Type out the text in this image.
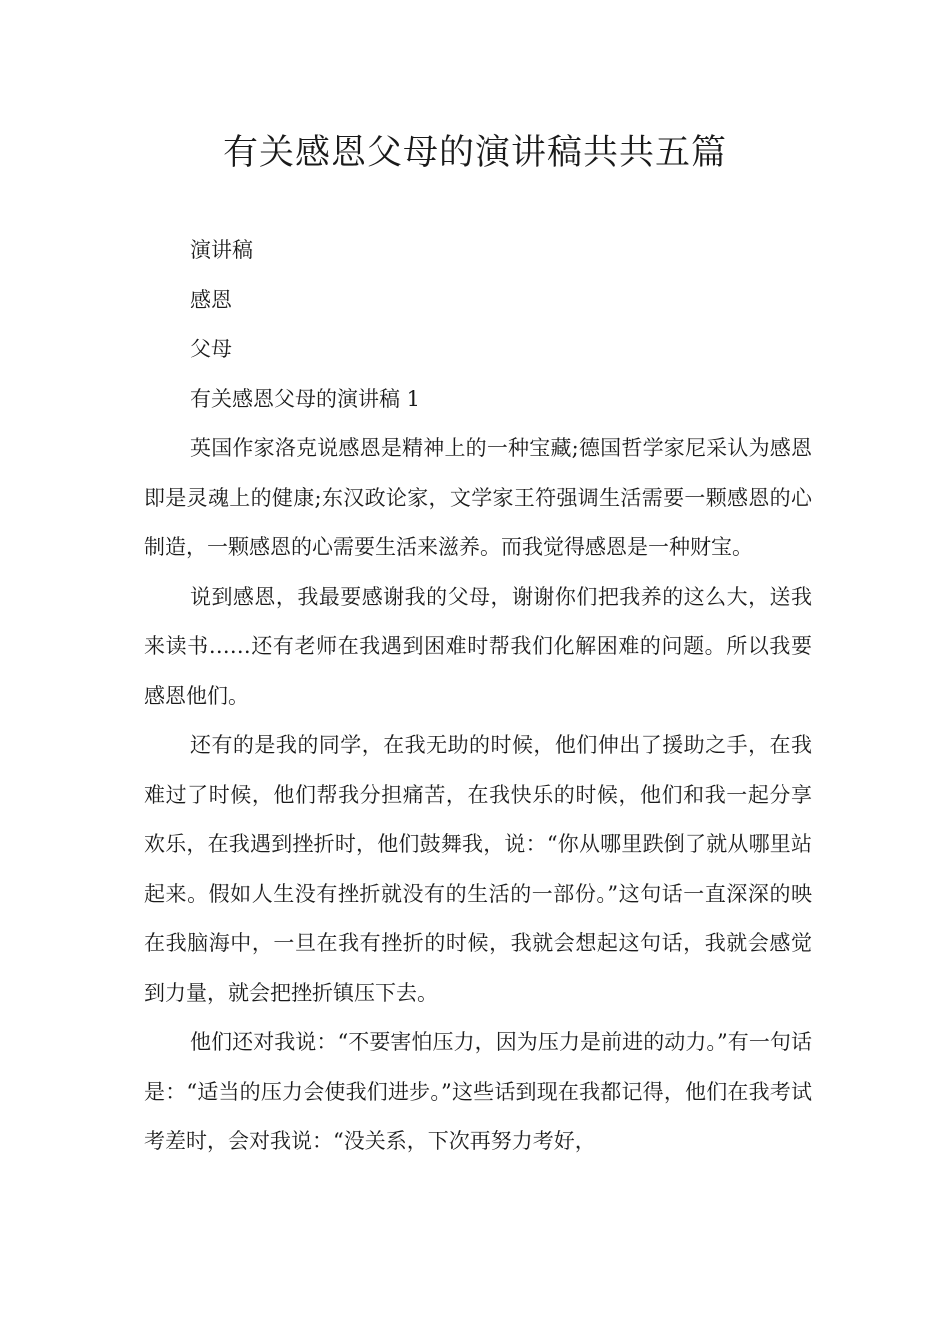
有关感恩父母的演讲稿共共五篇

演讲稿

感恩

父母

有关感恩父母的演讲稿 1

英国作家洛克说感恩是精神上的一种宝藏;德国哲学家尼采认为感恩即是灵魂上的健康;东汉政论家，文学家王符强调生活需要一颗感恩的心制造，一颗感恩的心需要生活来滋养。而我觉得感恩是一种财宝。

说到感恩，我最要感谢我的父母，谢谢你们把我养的这么大，送我来读书……还有老师在我遇到困难时帮我们化解困难的问题。所以我要感恩他们。

还有的是我的同学，在我无助的时候，他们伸出了援助之手，在我难过了时候，他们帮我分担痛苦，在我快乐的时候，他们和我一起分享欢乐，在我遇到挫折时，他们鼓舞我，说：“你从哪里跌倒了就从哪里站起来。假如人生没有挫折就没有的生活的一部份。”这句话一直深深的映在我脑海中，一旦在我有挫折的时候，我就会想起这句话，我就会感觉到力量，就会把挫折镇压下去。

他们还对我说：“不要害怕压力，因为压力是前进的动力。”有一句话是：“适当的压力会使我们进步。”这些话到现在我都记得，他们在我考试考差时，会对我说：“没关系，下次再努力考好，
